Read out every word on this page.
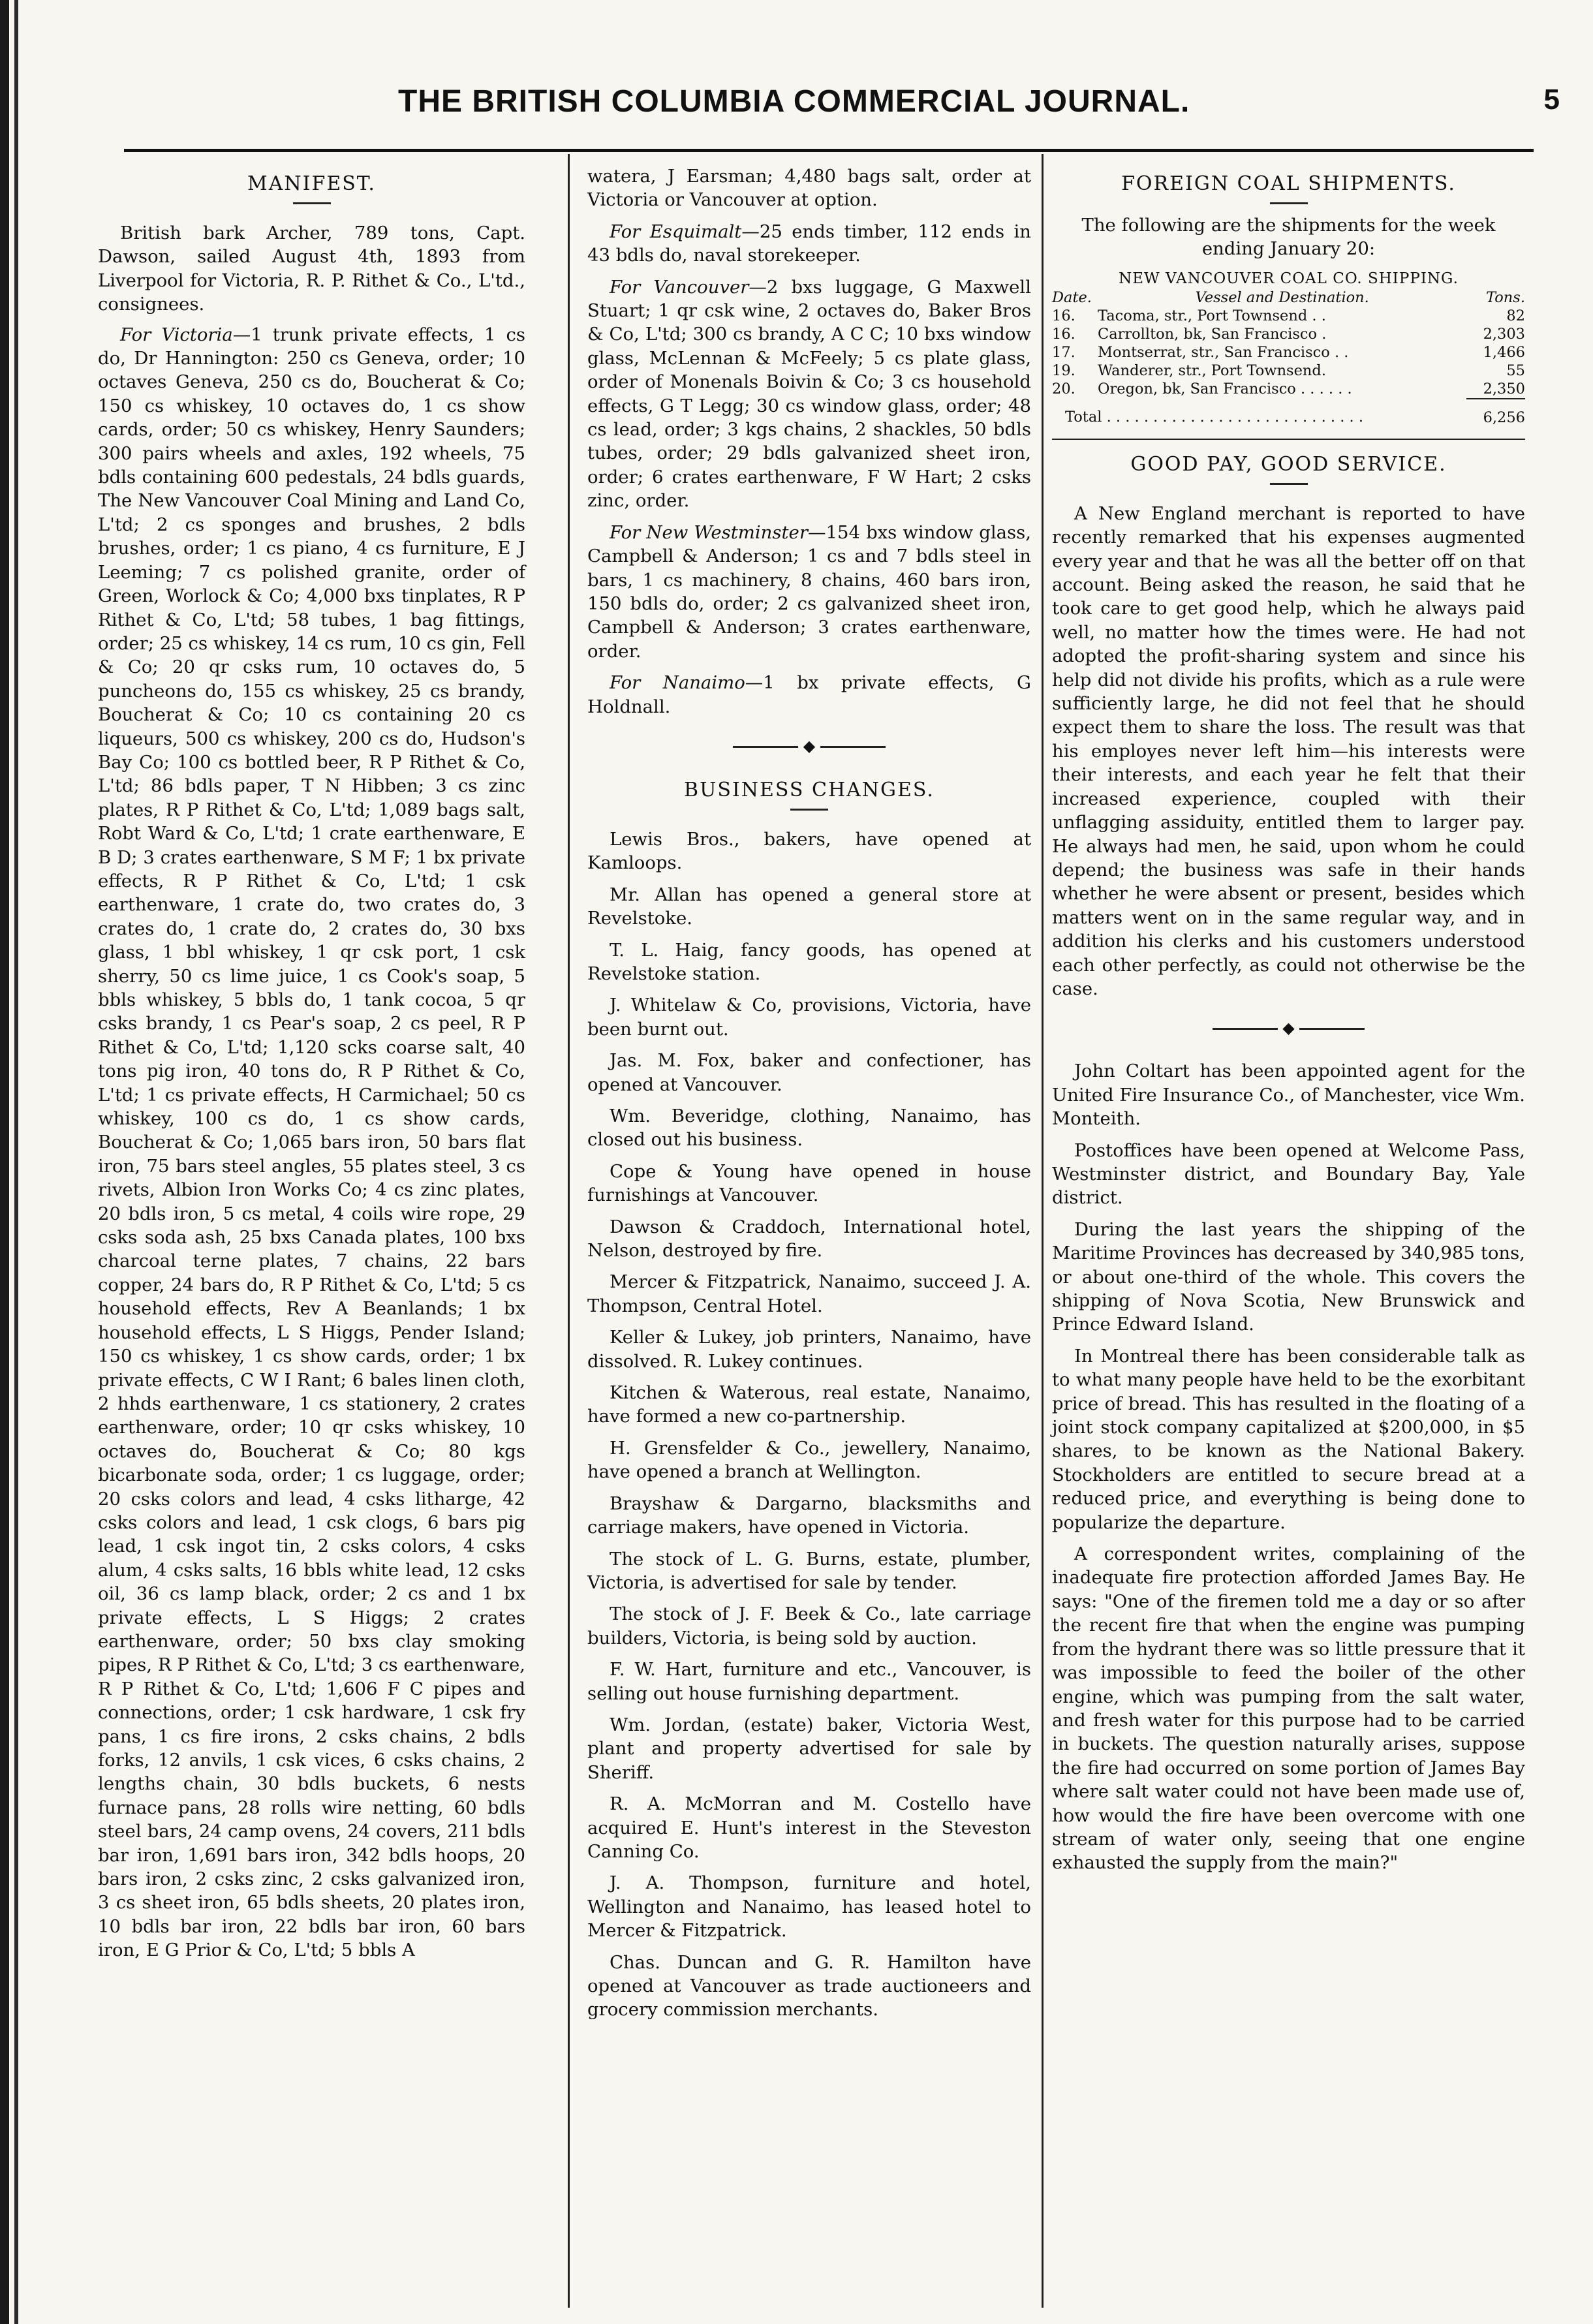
THE BRITISH COLUMBIA COMMERCIAL JOURNAL.	5
MANIFEST.

British bark Archer, 789 tons, Capt. Dawson, sailed August 4th, 1893 from Liverpool for Victoria, R. P. Rithet & Co., L'td., consignees.

For Victoria—1 trunk private effects, 1 cs do, Dr Hannington: 250 cs Geneva, order; 10 octaves Geneva, 250 cs do, Boucherat & Co; 150 cs whiskey, 10 octaves do, 1 cs show cards, order; 50 cs whiskey, Henry Saunders; 300 pairs wheels and axles, 192 wheels, 75 bdls containing 600 pedestals, 24 bdls guards, The New Vancouver Coal Mining and Land Co, L'td; 2 cs sponges and brushes, 2 bdls brushes, order; 1 cs piano, 4 cs furniture, E J Leeming; 7 cs polished granite, order of Green, Worlock & Co; 4,000 bxs tinplates, R P Rithet & Co, L'td; 58 tubes, 1 bag fittings, order; 25 cs whiskey, 14 cs rum, 10 cs gin, Fell & Co; 20 qr csks rum, 10 octaves do, 5 puncheons do, 155 cs whiskey, 25 cs brandy, Boucherat & Co; 10 cs containing 20 cs liqueurs, 500 cs whiskey, 200 cs do, Hudson's Bay Co; 100 cs bottled beer, R P Rithet & Co, L'td; 86 bdls paper, T N Hibben; 3 cs zinc plates, R P Rithet & Co, L'td; 1,089 bags salt, Robt Ward & Co, L'td; 1 crate earthenware, E B D; 3 crates earthenware, S M F; 1 bx private effects, R P Rithet & Co, L'td; 1 csk earthenware, 1 crate do, two crates do, 3 crates do, 1 crate do, 2 crates do, 30 bxs glass, 1 bbl whiskey, 1 qr csk port, 1 csk sherry, 50 cs lime juice, 1 cs Cook's soap, 5 bbls whiskey, 5 bbls do, 1 tank cocoa, 5 qr csks brandy, 1 cs Pear's soap, 2 cs peel, R P Rithet & Co, L'td; 1,120 scks coarse salt, 40 tons pig iron, 40 tons do, R P Rithet & Co, L'td; 1 cs private effects, H Carmichael; 50 cs whiskey, 100 cs do, 1 cs show cards, Boucherat & Co; 1,065 bars iron, 50 bars flat iron, 75 bars steel angles, 55 plates steel, 3 cs rivets, Albion Iron Works Co; 4 cs zinc plates, 20 bdls iron, 5 cs metal, 4 coils wire rope, 29 csks soda ash, 25 bxs Canada plates, 100 bxs charcoal terne plates, 7 chains, 22 bars copper, 24 bars do, R P Rithet & Co, L'td; 5 cs household effects, Rev A Beanlands; 1 bx household effects, L S Higgs, Pender Island; 150 cs whiskey, 1 cs show cards, order; 1 bx private effects, C W I Rant; 6 bales linen cloth, 2 hhds earthenware, 1 cs stationery, 2 crates earthenware, order; 10 qr csks whiskey, 10 octaves do, Boucherat & Co; 80 kgs bicarbonate soda, order; 1 cs luggage, order; 20 csks colors and lead, 4 csks litharge, 42 csks colors and lead, 1 csk clogs, 6 bars pig lead, 1 csk ingot tin, 2 csks colors, 4 csks alum, 4 csks salts, 16 bbls white lead, 12 csks oil, 36 cs lamp black, order; 2 cs and 1 bx private effects, L S Higgs; 2 crates earthenware, order; 50 bxs clay smoking pipes, R P Rithet & Co, L'td; 3 cs earthenware, R P Rithet & Co, L'td; 1,606 F C pipes and connections, order; 1 csk hardware, 1 csk fry pans, 1 cs fire irons, 2 csks chains, 2 bdls forks, 12 anvils, 1 csk vices, 6 csks chains, 2 lengths chain, 30 bdls buckets, 6 nests furnace pans, 28 rolls wire netting, 60 bdls steel bars, 24 camp ovens, 24 covers, 211 bdls bar iron, 1,691 bars iron, 342 bdls hoops, 20 bars iron, 2 csks zinc, 2 csks galvanized iron, 3 cs sheet iron, 65 bdls sheets, 20 plates iron, 10 bdls bar iron, 22 bdls bar iron, 60 bars iron, E G Prior & Co, L'td; 5 bbls A

watera, J Earsman; 4,480 bags salt, order at Victoria or Vancouver at option.

For Esquimalt—25 ends timber, 112 ends in 43 bdls do, naval storekeeper.

For Vancouver—2 bxs luggage, G Maxwell Stuart; 1 qr csk wine, 2 octaves do, Baker Bros & Co, L'td; 300 cs brandy, A C C; 10 bxs window glass, McLennan & McFeely; 5 cs plate glass, order of Monenals Boivin & Co; 3 cs household effects, G T Legg; 30 cs window glass, order; 48 cs lead, order; 3 kgs chains, 2 shackles, 50 bdls tubes, order; 29 bdls galvanized sheet iron, order; 6 crates earthenware, F W Hart; 2 csks zinc, order.

For New Westminster—154 bxs window glass, Campbell & Anderson; 1 cs and 7 bdls steel in bars, 1 cs machinery, 8 chains, 460 bars iron, 150 bdls do, order; 2 cs galvanized sheet iron, Campbell & Anderson; 3 crates earthenware, order.

For Nanaimo—1 bx private effects, G Holdnall.

◆
BUSINESS CHANGES.

Lewis Bros., bakers, have opened at Kamloops.

Mr. Allan has opened a general store at Revelstoke.

T. L. Haig, fancy goods, has opened at Revelstoke station.

J. Whitelaw & Co, provisions, Victoria, have been burnt out.

Jas. M. Fox, baker and confectioner, has opened at Vancouver.

Wm. Beveridge, clothing, Nanaimo, has closed out his business.

Cope & Young have opened in house furnishings at Vancouver.

Dawson & Craddoch, International hotel, Nelson, destroyed by fire.

Mercer & Fitzpatrick, Nanaimo, succeed J. A. Thompson, Central Hotel.

Keller & Lukey, job printers, Nanaimo, have dissolved. R. Lukey continues.

Kitchen & Waterous, real estate, Nanaimo, have formed a new co-partnership.

H. Grensfelder & Co., jewellery, Nanaimo, have opened a branch at Wellington.

Brayshaw & Dargarno, blacksmiths and carriage makers, have opened in Victoria.

The stock of L. G. Burns, estate, plumber, Victoria, is advertised for sale by tender.

The stock of J. F. Beek & Co., late carriage builders, Victoria, is being sold by auction.

F. W. Hart, furniture and etc., Vancouver, is selling out house furnishing department.

Wm. Jordan, (estate) baker, Victoria West, plant and property advertised for sale by Sheriff.

R. A. McMorran and M. Costello have acquired E. Hunt's interest in the Steveston Canning Co.

J. A. Thompson, furniture and hotel, Wellington and Nanaimo, has leased hotel to Mercer & Fitzpatrick.

Chas. Duncan and G. R. Hamilton have opened at Vancouver as trade auctioneers and grocery commission merchants.

FOREIGN COAL SHIPMENTS.

The following are the shipments for the week ending January 20:

NEW VANCOUVER COAL CO. SHIPPING.
Date.	Vessel and Destination.	Tons.
16.	Tacoma, str., Port Townsend . .	82
16.	Carrollton, bk, San Francisco .	2,303
17.	Montserrat, str., San Francisco . .	1,466
19.	Wanderer, str., Port Townsend.	55
20.	Oregon, bk, San Francisco . . . . . .	2,350
Total . . . . . . . . . . . . . . . . . . . . . . . . . . . .		6,256
GOOD PAY, GOOD SERVICE.

A New England merchant is reported to have recently remarked that his expenses augmented every year and that he was all the better off on that account. Being asked the reason, he said that he took care to get good help, which he always paid well, no matter how the times were. He had not adopted the profit-sharing system and since his help did not divide his profits, which as a rule were sufficiently large, he did not feel that he should expect them to share the loss. The result was that his employes never left him—his interests were their interests, and each year he felt that their increased experience, coupled with their unflagging assiduity, entitled them to larger pay. He always had men, he said, upon whom he could depend; the business was safe in their hands whether he were absent or present, besides which matters went on in the same regular way, and in addition his clerks and his customers understood each other perfectly, as could not otherwise be the case.

◆

John Coltart has been appointed agent for the United Fire Insurance Co., of Manchester, vice Wm. Monteith.

Postoffices have been opened at Welcome Pass, Westminster district, and Boundary Bay, Yale district.

During the last years the shipping of the Maritime Provinces has decreased by 340,985 tons, or about one-third of the whole. This covers the shipping of Nova Scotia, New Brunswick and Prince Edward Island.

In Montreal there has been considerable talk as to what many people have held to be the exorbitant price of bread. This has resulted in the floating of a joint stock company capitalized at $200,000, in $5 shares, to be known as the National Bakery. Stockholders are entitled to secure bread at a reduced price, and everything is being done to popularize the departure.

A correspondent writes, complaining of the inadequate fire protection afforded James Bay. He says: "One of the firemen told me a day or so after the recent fire that when the engine was pumping from the hydrant there was so little pressure that it was impossible to feed the boiler of the other engine, which was pumping from the salt water, and fresh water for this purpose had to be carried in buckets. The question naturally arises, suppose the fire had occurred on some portion of James Bay where salt water could not have been made use of, how would the fire have been overcome with one stream of water only, seeing that one engine exhausted the supply from the main?"
